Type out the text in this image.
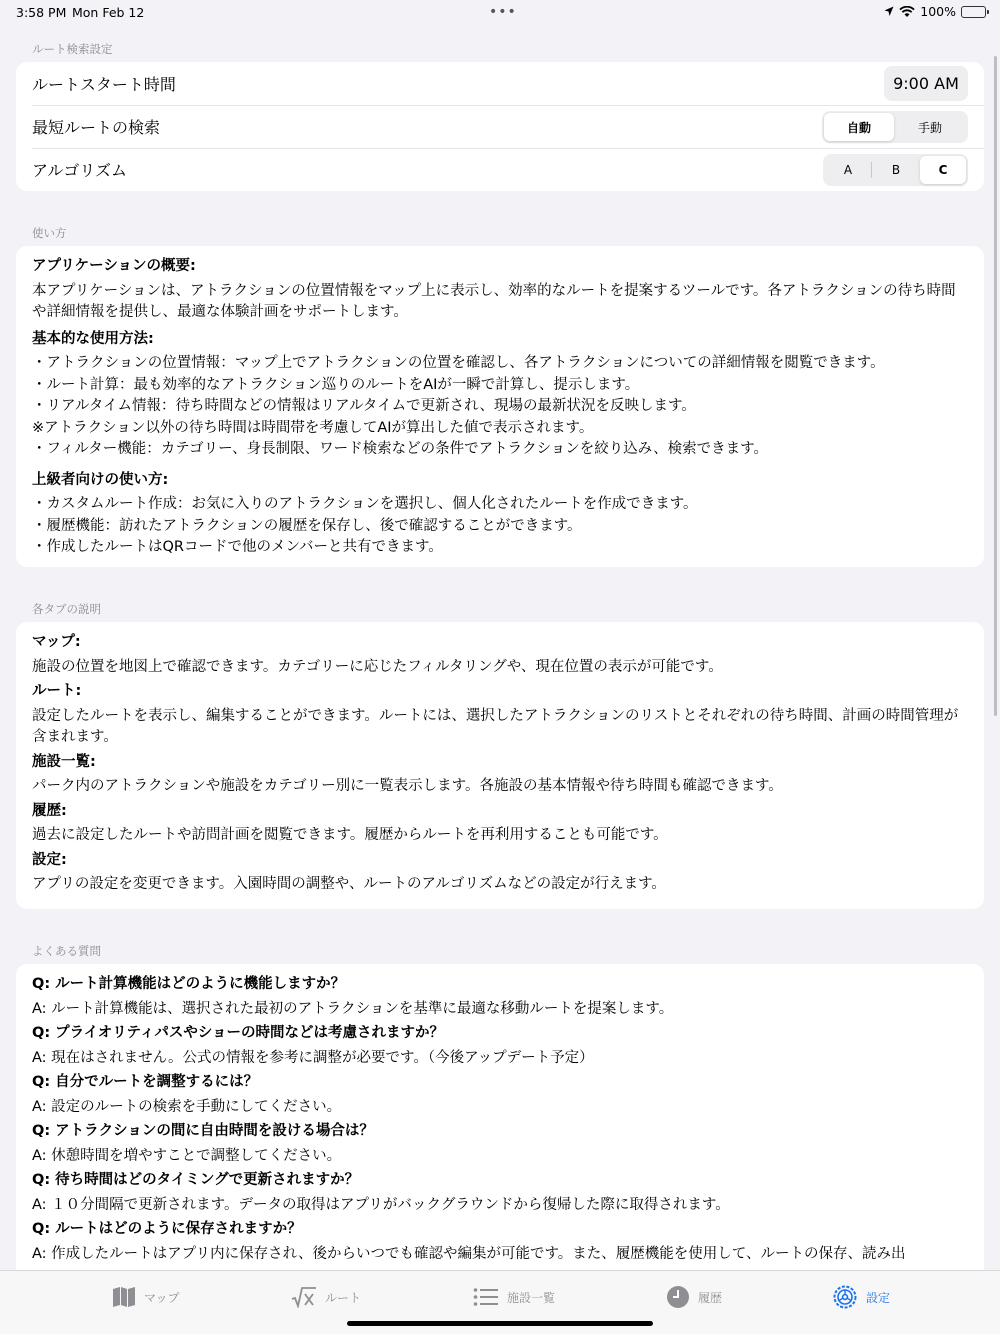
3:58 PM Mon Feb 12	•••	100%
ルート検索設定
ルートスタート時間	9:00 AM
最短ルートの検索	自動	手動
アルゴリズム	A	B	C
使い方
アプリケーションの概要:
本アプリケーションは、アトラクションの位置情報をマップ上に表示し、効率的なルートを提案するツールです。各アトラクションの待ち時間や詳細情報を提供し、最適な体験計画をサポートします。
基本的な使用方法:
・アトラクションの位置情報：マップ上でアトラクションの位置を確認し、各アトラクションについての詳細情報を閲覧できます。
・ルート計算：最も効率的なアトラクション巡りのルートをAIが一瞬で計算し、提示します。
・リアルタイム情報：待ち時間などの情報はリアルタイムで更新され、現場の最新状況を反映します。
※アトラクション以外の待ち時間は時間帯を考慮してAIが算出した値で表示されます。
・フィルター機能：カテゴリー、身長制限、ワード検索などの条件でアトラクションを絞り込み、検索できます。
上級者向けの使い方:
・カスタムルート作成：お気に入りのアトラクションを選択し、個人化されたルートを作成できます。
・履歴機能：訪れたアトラクションの履歴を保存し、後で確認することができます。
・作成したルートはQRコードで他のメンバーと共有できます。
各タブの説明
マップ:
施設の位置を地図上で確認できます。カテゴリーに応じたフィルタリングや、現在位置の表示が可能です。
ルート:
設定したルートを表示し、編集することができます。ルートには、選択したアトラクションのリストとそれぞれの待ち時間、計画の時間管理が含まれます。
施設一覧:
パーク内のアトラクションや施設をカテゴリー別に一覧表示します。各施設の基本情報や待ち時間も確認できます。
履歴:
過去に設定したルートや訪問計画を閲覧できます。履歴からルートを再利用することも可能です。
設定:
アプリの設定を変更できます。入園時間の調整や、ルートのアルゴリズムなどの設定が行えます。
よくある質問
Q: ルート計算機能はどのように機能しますか？
A: ルート計算機能は、選択された最初のアトラクションを基準に最適な移動ルートを提案します。
Q: プライオリティパスやショーの時間などは考慮されますか？
A: 現在はされません。公式の情報を参考に調整が必要です。（今後アップデート予定）
Q: 自分でルートを調整するには？
A: 設定のルートの検索を手動にしてください。
Q: アトラクションの間に自由時間を設ける場合は？
A: 休憩時間を増やすことで調整してください。
Q: 待ち時間はどのタイミングで更新されますか？
A: １０分間隔で更新されます。データの取得はアプリがバックグラウンドから復帰した際に取得されます。
Q: ルートはどのように保存されますか？
A: 作成したルートはアプリ内に保存され、後からいつでも確認や編集が可能です。また、履歴機能を使用して、ルートの保存、読み出
マップ	ルート	施設一覧	履歴	設定
